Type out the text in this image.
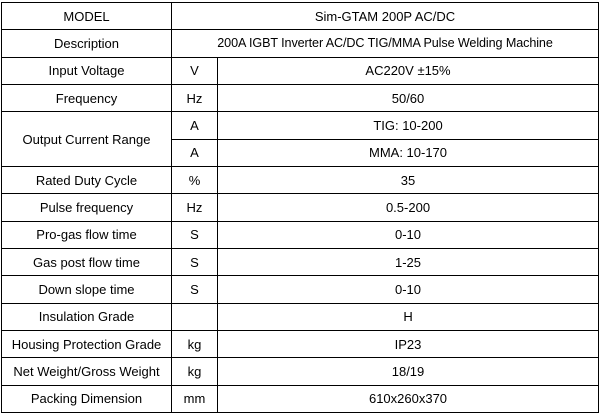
MODEL	Sim-GTAM 200P AC/DC	
Description	200A IGBT Inverter AC/DC TIG/MMA Pulse Welding Machine	
Input Voltage	V	AC220V ±15%
Frequency	Hz	50/60
Output Current Range	A	TIG: 10-200
	A	MMA: 10-170
Rated Duty Cycle	%	35
Pulse frequency	Hz	0.5-200
Pro-gas flow time	S	0-10
Gas post flow time	S	1-25
Down slope time	S	0-10
Insulation Grade		H
Housing Protection Grade	kg	IP23
Net Weight/Gross Weight	kg	18/19
Packing Dimension	mm	610x260x370
